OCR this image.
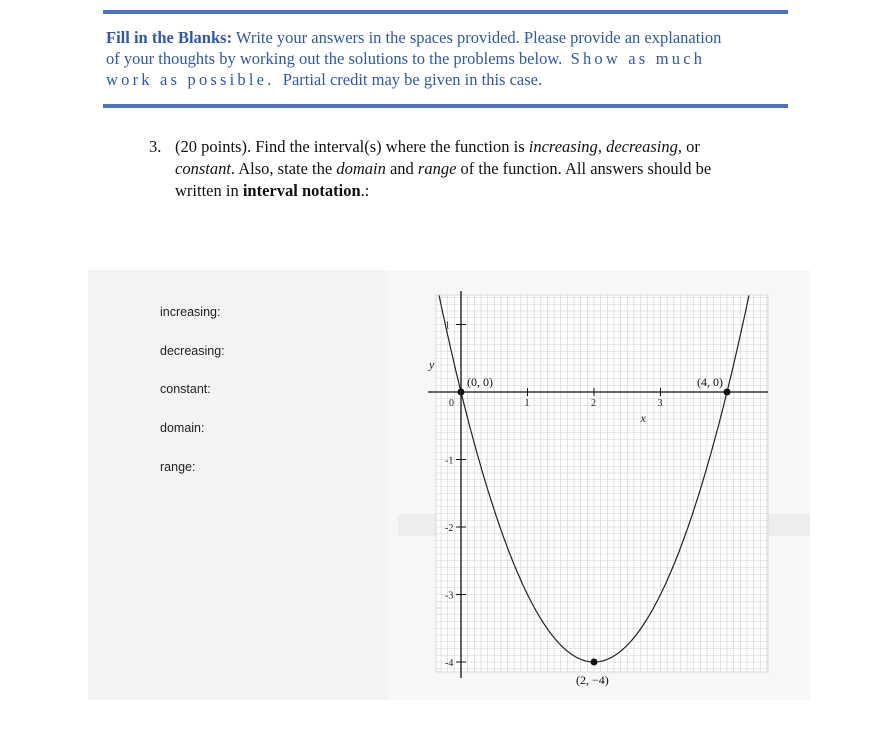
Fill in the Blanks: Write your answers in the spaces provided. Please provide an explanation
of your thoughts by working out the solutions to the problems below. Show as much
work as possible. Partial credit may be given in this case.
3. (20 points). Find the interval(s) where the function is increasing, decreasing, or
constant. Also, state the domain and range of the function. All answers should be
written in interval notation.:
increasing:
decreasing:
constant:
domain:
range:
1	2	3
1
-1
-2
-3
-4
0
x
y
(0, 0)	(4, 0)
(2, −4)
